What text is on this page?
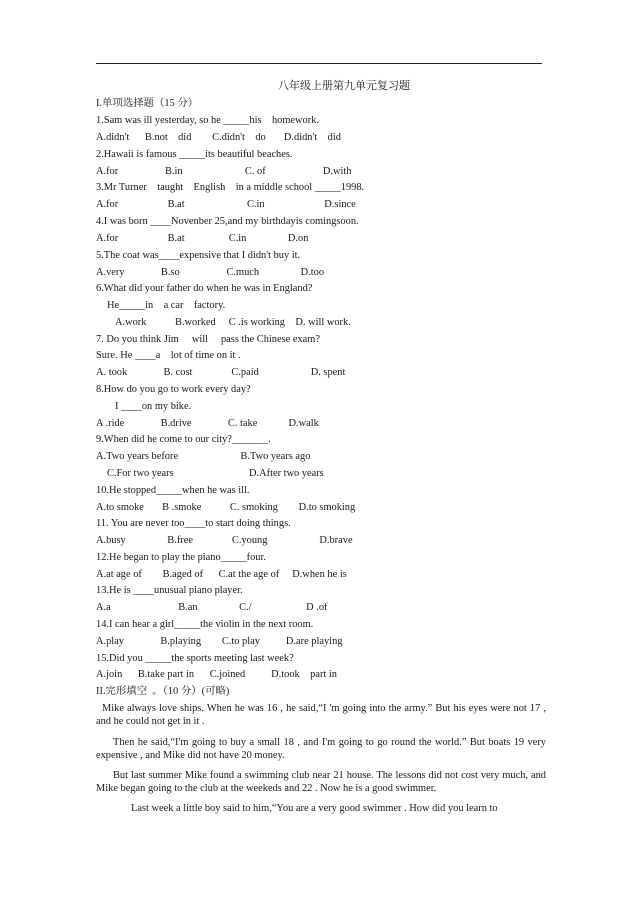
八年级上册第九单元复习题
I.单项选择题（15 分）
1.Sam was ill yesterday, so he _____his    homework.
A.didn't      B.not    did        C.didn't    do       D.didn't    did
2.Hawaii is famous _____its beautiful beaches.
A.for                  B.in                        C. of                      D.with
3.Mr Turner    taught    English    in a middle school _____1998.
A.for                   B.at                        C.in                       D.since
4.I was born ____Novenber 25,and my birthdayis comingsoon.
A.for                   B.at                 C.in                D.on
5.The coat was____expensive that I didn't buy it.
A.very              B.so                  C.much                D.too
6.What did your father do when he was in England?
He_____in    a car    factory.
A.work           B.worked     C .is working    D. will work.
7. Do you think Jim     will     pass the Chinese exam?
Sure. He ____a    lot of time on it .
A. took              B. cost               C.paid                    D. spent
8.How do you go to work every day?
I ____on my bike.
A .ride              B.drive              C. take            D.walk
9.When did he come to our city?_______.
A.Two years before                        B.Two years ago
C.For two years                             D.After two years
10.He stopped_____when he was ill.
A.to smoke       B .smoke           C. smoking        D.to smoking
11. You are never too____to start doing things.
A.busy                B.free               C.young                    D.brave
12.He began to play the piano_____four.
A.at age of        B.aged of      C.at the age of     D.when he is
13.He is ____unusual piano player.
A.a                          B.an                C./                     D .of
14.I can hear a girl_____the violin in the next room.
A.play              B.playing        C.to play          D.are playing
15.Did you _____the sports meeting last week?
A.join      B.take part in      C.joined          D.took    part in
II.完形填空  。（10 分）(可略)
Mike always love ships. When he was 16 , he said,“I 'm going into the army.” But his eyes were not 17 , and he could not get in it .
Then he said,“I'm going to buy a small 18 , and I'm going to go round the world.” But boats 19 very expensive , and Mike did not have 20 money.
But last summer Mike found a swimming club near 21 house. The lessons did not cost very much, and Mike began going to the club at the weekeds and 22 . Now he is a good swimmer.
Last week a little boy said to him,“You are a very good swimmer . How did you learn to
